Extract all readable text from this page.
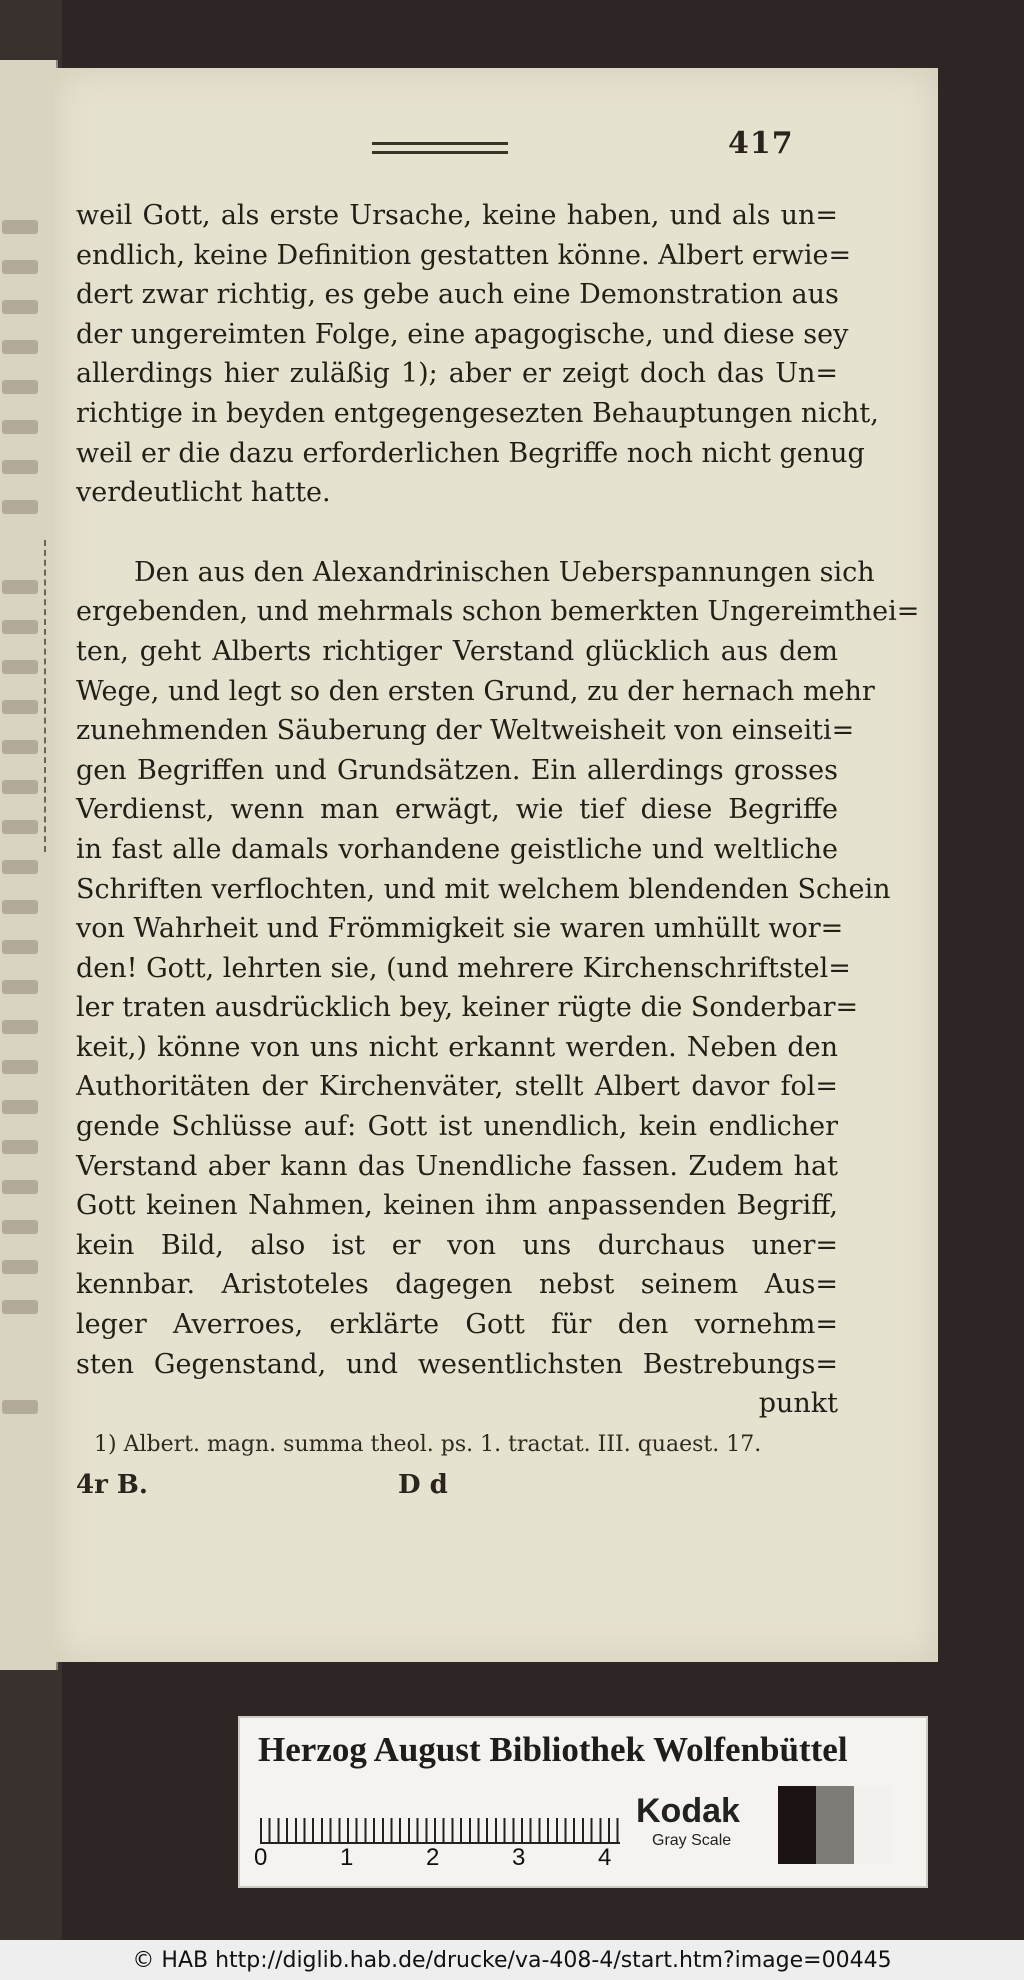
417
weil Gott, als erste Ursache, keine haben, und als un=
endlich, keine Definition gestatten könne. Albert erwie=
dert zwar richtig, es gebe auch eine Demonstration aus
der ungereimten Folge, eine apagogische, und diese sey
allerdings hier zuläßig 1); aber er zeigt doch das Un=
richtige in beyden entgegengesezten Behauptungen nicht,
weil er die dazu erforderlichen Begriffe noch nicht genug
verdeutlicht hatte.
Den aus den Alexandrinischen Ueberspannungen sich
ergebenden, und mehrmals schon bemerkten Ungereimthei=
ten, geht Alberts richtiger Verstand glücklich aus dem
Wege, und legt so den ersten Grund, zu der hernach mehr
zunehmenden Säuberung der Weltweisheit von einseiti=
gen Begriffen und Grundsätzen. Ein allerdings grosses
Verdienst, wenn man erwägt, wie tief diese Begriffe
in fast alle damals vorhandene geistliche und weltliche
Schriften verflochten, und mit welchem blendenden Schein
von Wahrheit und Frömmigkeit sie waren umhüllt wor=
den! Gott, lehrten sie, (und mehrere Kirchenschriftstel=
ler traten ausdrücklich bey, keiner rügte die Sonderbar=
keit,) könne von uns nicht erkannt werden. Neben den
Authoritäten der Kirchenväter, stellt Albert davor fol=
gende Schlüsse auf: Gott ist unendlich, kein endlicher
Verstand aber kann das Unendliche fassen. Zudem hat
Gott keinen Nahmen, keinen ihm anpassenden Begriff,
kein Bild, also ist er von uns durchaus uner=
kennbar. Aristoteles dagegen nebst seinem Aus=
leger Averroes, erklärte Gott für den vornehm=
sten Gegenstand, und wesentlichsten Bestrebungs=
punkt
1) Albert. magn. summa theol. ps. 1. tractat. III. quaest. 17.
4r B.	D d
Herzog August Bibliothek Wolfenbüttel
0	1	2	3	4
Kodak
Gray Scale
© HAB http://diglib.hab.de/drucke/va-408-4/start.htm?image=00445
